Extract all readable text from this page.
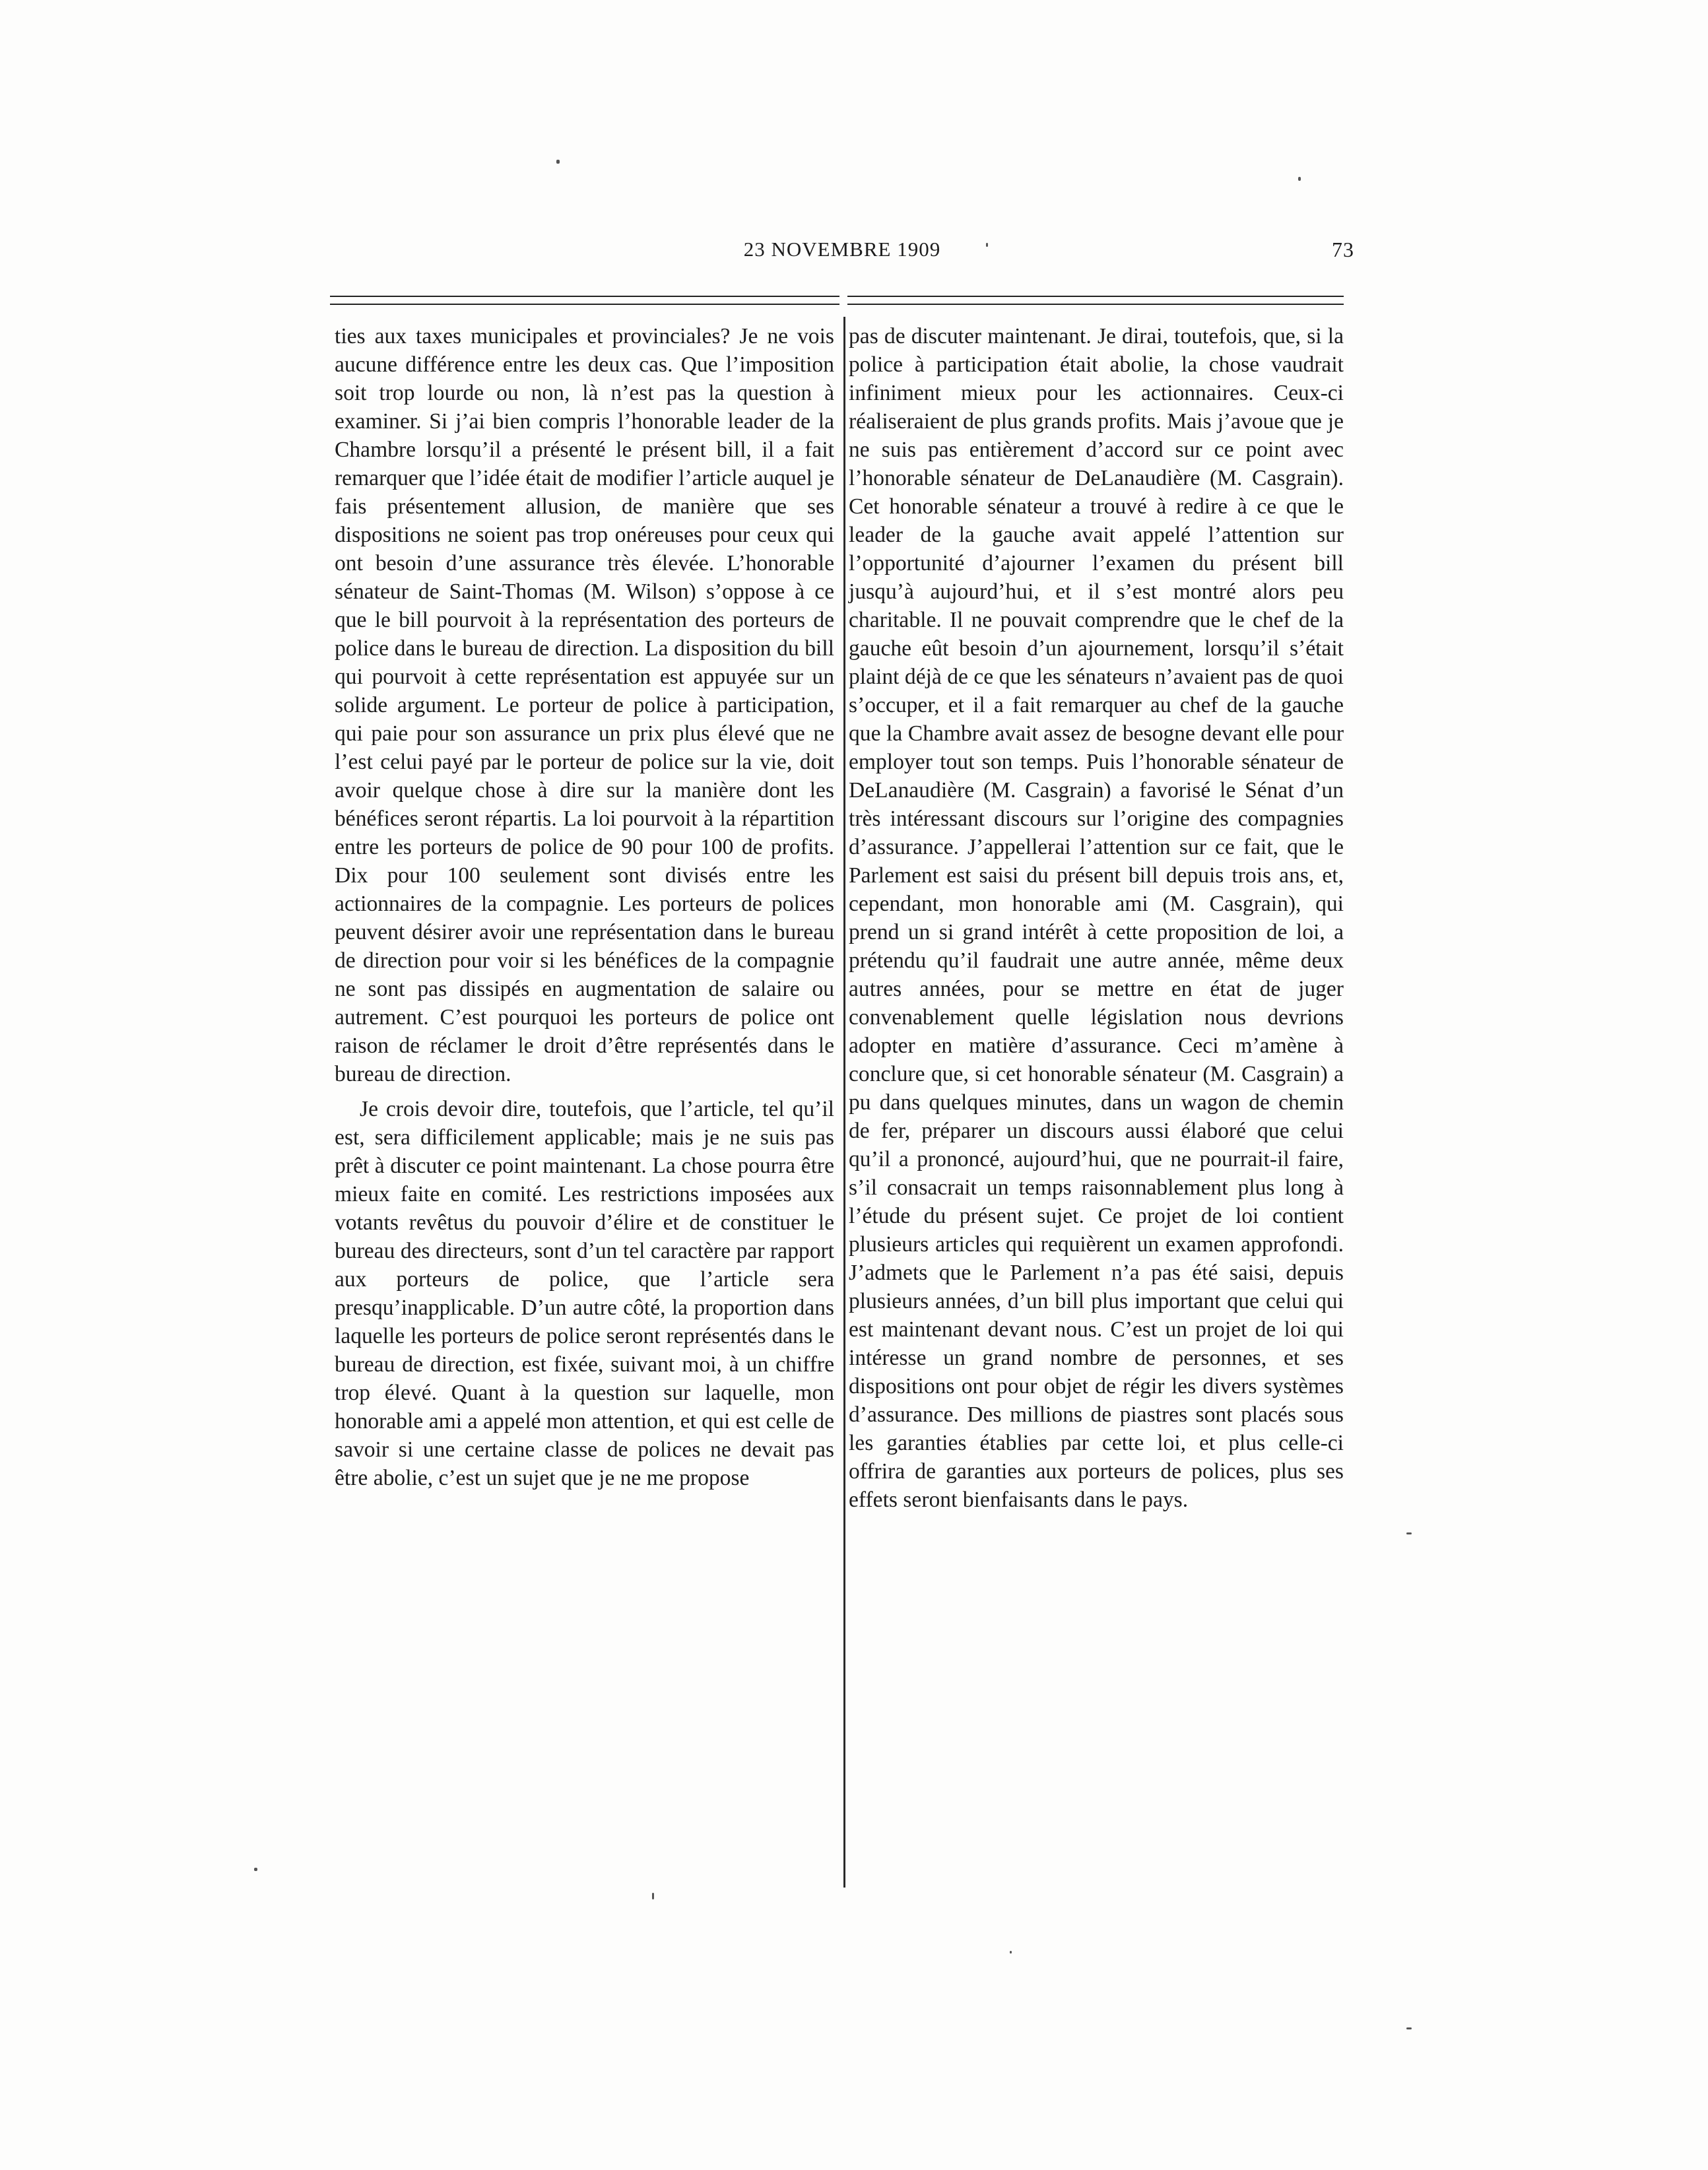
23 NOVEMBRE 1909	73

ties aux taxes municipales et provinciales? Je ne vois aucune différence entre les deux cas. Que l’imposition soit trop lourde ou non, là n’est pas la question à examiner. Si j’ai bien compris l’honorable leader de la Chambre lorsqu’il a présenté le présent bill, il a fait remarquer que l’idée était de modifier l’article auquel je fais présentement allusion, de manière que ses dispositions ne soient pas trop onéreuses pour ceux qui ont besoin d’une assurance très élevée. L’honorable sénateur de Saint-Thomas (M. Wilson) s’oppose à ce que le bill pourvoit à la représentation des porteurs de police dans le bureau de direction. La disposition du bill qui pourvoit à cette représentation est appuyée sur un solide argument. Le porteur de police à participation, qui paie pour son assurance un prix plus élevé que ne l’est celui payé par le porteur de police sur la vie, doit avoir quelque chose à dire sur la manière dont les bénéfices seront répartis. La loi pourvoit à la répartition entre les porteurs de police de 90 pour 100 de profits. Dix pour 100 seulement sont divisés entre les actionnaires de la compagnie. Les porteurs de polices peuvent désirer avoir une représentation dans le bureau de direction pour voir si les bénéfices de la compagnie ne sont pas dissipés en augmentation de salaire ou autrement. C’est pourquoi les porteurs de police ont raison de réclamer le droit d’être représentés dans le bureau de direction.

Je crois devoir dire, toutefois, que l’article, tel qu’il est, sera difficilement applicable; mais je ne suis pas prêt à discuter ce point maintenant. La chose pourra être mieux faite en comité. Les restrictions imposées aux votants revêtus du pouvoir d’élire et de constituer le bureau des directeurs, sont d’un tel caractère par rapport aux porteurs de police, que l’article sera presqu’inapplicable. D’un autre côté, la proportion dans laquelle les porteurs de police seront représentés dans le bureau de direction, est fixée, suivant moi, à un chiffre trop élevé. Quant à la question sur laquelle, mon honorable ami a appelé mon attention, et qui est celle de savoir si une certaine classe de polices ne devait pas être abolie, c’est un sujet que je ne me propose

pas de discuter maintenant. Je dirai, toutefois, que, si la police à participation était abolie, la chose vaudrait infiniment mieux pour les actionnaires. Ceux-ci réaliseraient de plus grands profits. Mais j’avoue que je ne suis pas entièrement d’accord sur ce point avec l’honorable sénateur de DeLanaudière (M. Casgrain). Cet honorable sénateur a trouvé à redire à ce que le leader de la gauche avait appelé l’attention sur l’opportunité d’ajourner l’examen du présent bill jusqu’à aujourd’hui, et il s’est montré alors peu charitable. Il ne pouvait comprendre que le chef de la gauche eût besoin d’un ajournement, lorsqu’il s’était plaint déjà de ce que les sénateurs n’avaient pas de quoi s’occuper, et il a fait remarquer au chef de la gauche que la Chambre avait assez de besogne devant elle pour employer tout son temps. Puis l’honorable sénateur de DeLanaudière (M. Casgrain) a favorisé le Sénat d’un très intéressant discours sur l’origine des compagnies d’assurance. J’appellerai l’attention sur ce fait, que le Parlement est saisi du présent bill depuis trois ans, et, cependant, mon honorable ami (M. Casgrain), qui prend un si grand intérêt à cette proposition de loi, a prétendu qu’il faudrait une autre année, même deux autres années, pour se mettre en état de juger convenablement quelle législation nous devrions adopter en matière d’assurance. Ceci m’amène à conclure que, si cet honorable sénateur (M. Casgrain) a pu dans quelques minutes, dans un wagon de chemin de fer, préparer un discours aussi élaboré que celui qu’il a prononcé, aujourd’hui, que ne pourrait-il faire, s’il consacrait un temps raisonnablement plus long à l’étude du présent sujet. Ce projet de loi contient plusieurs articles qui requièrent un examen approfondi. J’admets que le Parlement n’a pas été saisi, depuis plusieurs années, d’un bill plus important que celui qui est maintenant devant nous. C’est un projet de loi qui intéresse un grand nombre de personnes, et ses dispositions ont pour objet de régir les divers systèmes d’assurance. Des millions de piastres sont placés sous les garanties établies par cette loi, et plus celle-ci offrira de garanties aux porteurs de polices, plus ses effets seront bienfaisants dans le pays.
